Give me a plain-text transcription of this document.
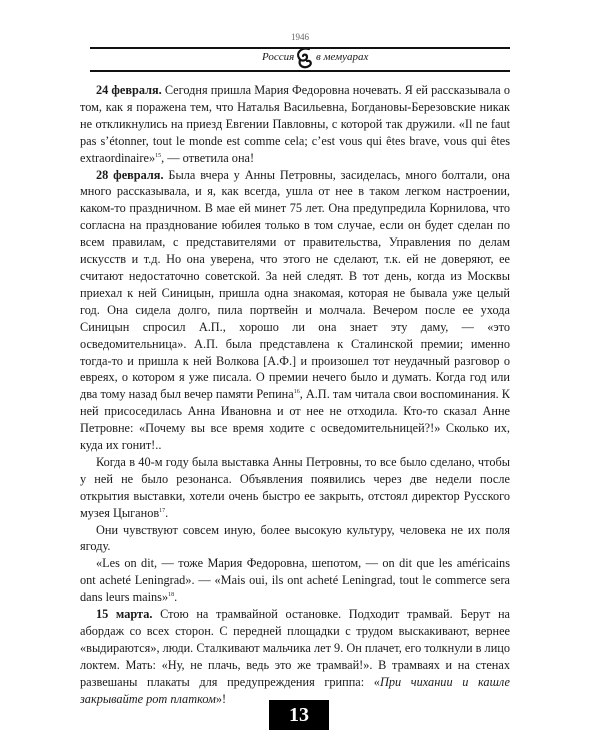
1946
Россия в мемуарах

24 февраля. Сегодня пришла Мария Федоровна ночевать. Я ей рассказывала о том, как я поражена тем, что Наталья Васильевна, Богдановы-Березовские никак не откликнулись на приезд Евгении Павловны, с которой так дружили. «Il ne faut pas s’étonner, tout le monde est comme cela; c’est vous qui êtes brave, vous qui êtes extraordinaire»$^{15}$, — ответила она!

28 февраля. Была вчера у Анны Петровны, засиделась, много болтали, она много рассказывала, и я, как всегда, ушла от нее в таком легком настроении, каком-то праздничном. В мае ей минет 75 лет. Она предупредила Корнилова, что согласна на празднование юбилея только в том случае, если он будет сделан по всем правилам, с представителями от правительства, Управления по делам искусств и т.д. Но она уверена, что этого не сделают, т.к. ей не доверяют, ее считают недостаточно советской. За ней следят. В тот день, когда из Москвы приехал к ней Синицын, пришла одна знакомая, которая не бывала уже целый год. Она сидела долго, пила портвейн и молчала. Вечером после ее ухода Синицын спросил А.П., хорошо ли она знает эту даму, — «это осведомительница». А.П. была представлена к Сталинской премии; именно тогда-то и пришла к ней Волкова [А.Ф.] и произошел тот неудачный разговор о евреях, о котором я уже писала. О премии нечего было и думать. Когда год или два тому назад был вечер памяти Репина$^{16}$, А.П. там читала свои воспоминания. К ней присоседилась Анна Ивановна и от нее не отходила. Кто-то сказал Анне Петровне: «Почему вы все время ходите с осведомительницей?!» Сколько их, куда их гонит!..

Когда в 40-м году была выставка Анны Петровны, то все было сделано, чтобы у ней не было резонанса. Объявления появились через две недели после открытия выставки, хотели очень быстро ее закрыть, отстоял директор Русского музея Цыганов$^{17}$.

Они чувствуют совсем иную, более высокую культуру, человека не их поля ягоду.

«Les on dit, — тоже Мария Федоровна, шепотом, — on dit que les américains ont acheté Leningrad». — «Mais oui, ils ont acheté Leningrad, tout le commerce sera dans leurs mains»$^{18}$.

15 марта. Стою на трамвайной остановке. Подходит трамвай. Берут на абордаж со всех сторон. С передней площадки с трудом выскакивают, вернее «выдираются», люди. Сталкивают мальчика лет 9. Он плачет, его толкнули в лицо локтем. Мать: «Ну, не плачь, ведь это же трамвай!». В трамваях и на стенах развешаны плакаты для предупреждения гриппа: «При чихании и кашле закрывайте рот платком»!

13
